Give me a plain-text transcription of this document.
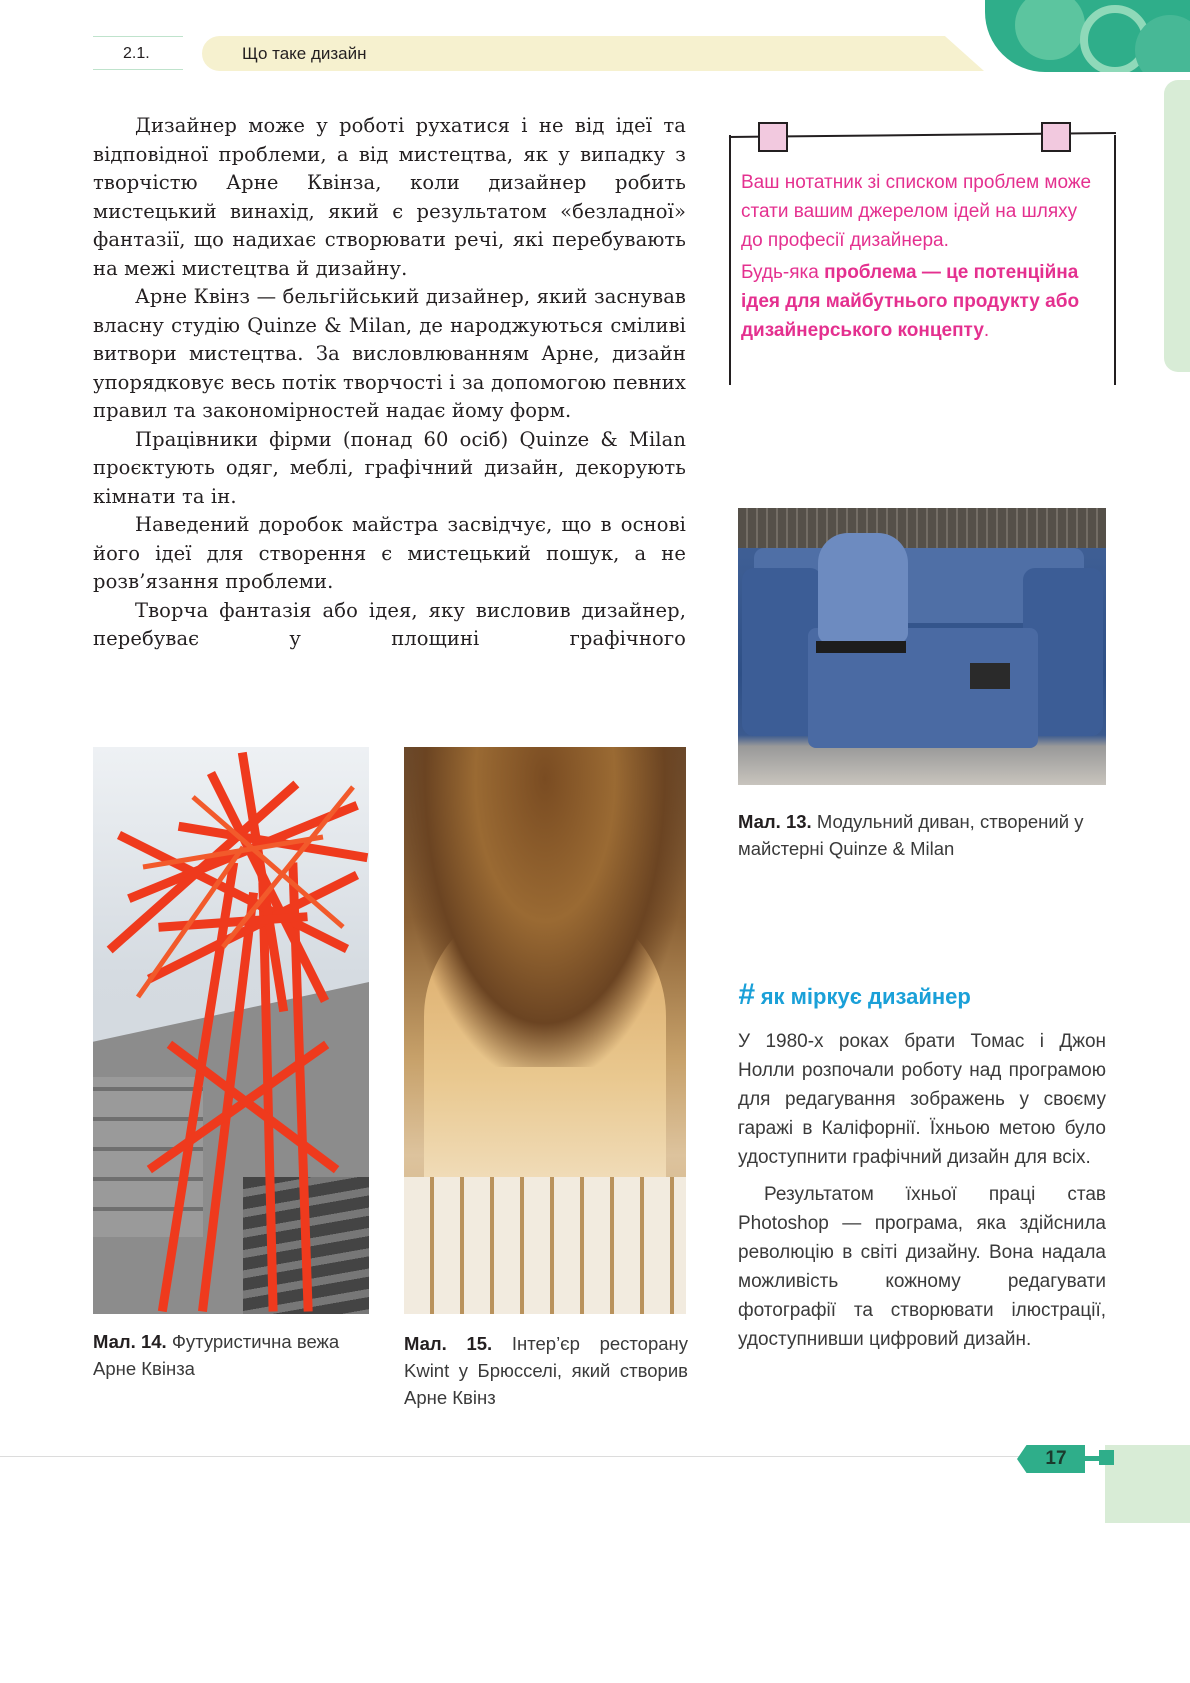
2.1.	Що таке дизайн

Дизайнер може у роботі рухатися і не від ідеї та відповідної проблеми, а від мистецтва, як у випадку з творчістю Арне Квінза, коли дизайнер робить мистецький винахід, який є результатом «безладної» фантазії, що надихає створювати речі, які перебувають на межі мистецтва й дизайну.

Арне Квінз — бельгійський дизайнер, який заснував власну студію Quinze & Milan, де народжуються сміливі витвори мистецтва. За висловлюванням Арне, дизайн упорядковує весь потік творчості і за допомогою певних правил та закономірностей надає йому форм.

Працівники фірми (понад 60 осіб) Quinze & Milan проєктують одяг, меблі, графічний дизайн, декорують кімнати та ін.

Наведений доробок майстра засвідчує, що в основі його ідеї для створення є мистецький пошук, а не розв’язання проблеми.

Творча фантазія або ідея, яку висловив дизайнер, перебуває у площині графічного

Ваш нотатник зі списком проблем може стати вашим джерелом ідей на шляху до професії дизайнера.
Будь-яка проблема — це потенційна ідея для майбутнього продукту або дизайнерського концепту.
Мал. 13. Модульний диван, створений у майстерні Quinze & Milan
Мал. 14. Футуристична вежа Арне Квінза
Мал. 15. Інтер’єр ресторану Kwint у Брюсселі, який створив Арне Квінз
# як міркує дизайнер

У 1980-х роках брати Томас і Джон Нолли розпочали роботу над програмою для редагування зображень у своєму гаражі в Каліфорнії. Їхньою метою було удоступнити графічний дизайн для всіх.

Результатом їхньої праці став Photoshop — програма, яка здійснила революцію в світі дизайну. Вона надала можливість кожному редагувати фотографії та створювати ілюстрації, удоступнивши цифровий дизайн.

17
